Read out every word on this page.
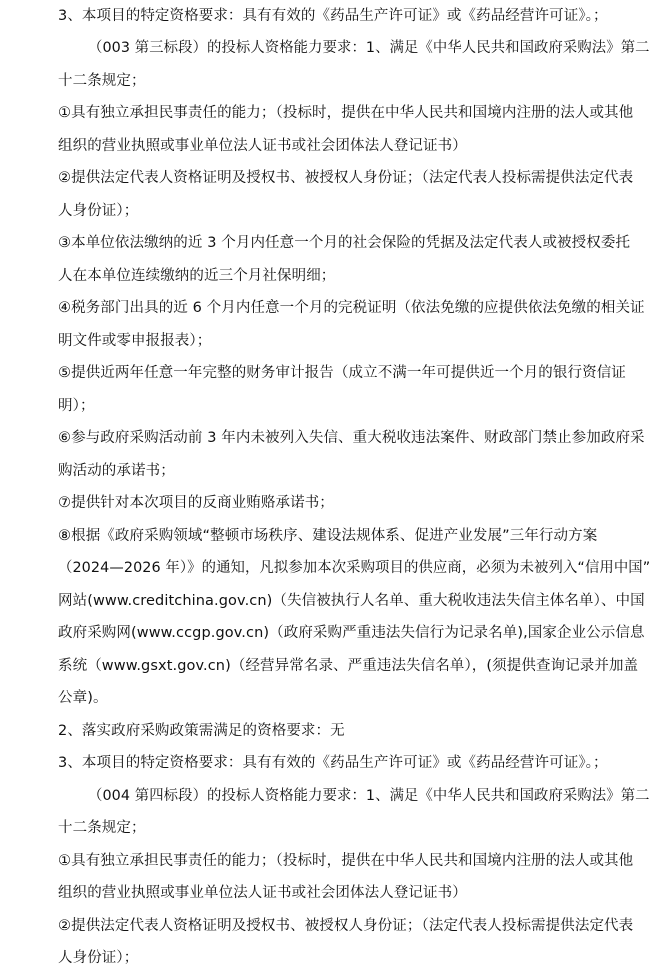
3、本项目的特定资格要求：具有有效的《药品生产许可证》或《药品经营许可证》。；
（003 第三标段）的投标人资格能力要求：1、满足《中华人民共和国政府采购法》第二
十二条规定；
①具有独立承担民事责任的能力；（投标时，提供在中华人民共和国境内注册的法人或其他
组织的营业执照或事业单位法人证书或社会团体法人登记证书）
②提供法定代表人资格证明及授权书、被授权人身份证；（法定代表人投标需提供法定代表
人身份证）；
③本单位依法缴纳的近 3 个月内任意一个月的社会保险的凭据及法定代表人或被授权委托
人在本单位连续缴纳的近三个月社保明细；
④税务部门出具的近 6 个月内任意一个月的完税证明（依法免缴的应提供依法免缴的相关证
明文件或零申报报表）；
⑤提供近两年任意一年完整的财务审计报告（成立不满一年可提供近一个月的银行资信证
明）；
⑥参与政府采购活动前 3 年内未被列入失信、重大税收违法案件、财政部门禁止参加政府采
购活动的承诺书；
⑦提供针对本次项目的反商业贿赂承诺书；
⑧根据《政府采购领域“整顿市场秩序、建设法规体系、促进产业发展”三年行动方案
（2024—2026 年）》的通知，凡拟参加本次采购项目的供应商，必须为未被列入“信用中国”
网站(www.creditchina.gov.cn)（失信被执行人名单、重大税收违法失信主体名单）、中国
政府采购网(www.ccgp.gov.cn)（政府采购严重违法失信行为记录名单),国家企业公示信息
系统（www.gsxt.gov.cn)（经营异常名录、严重违法失信名单），(须提供查询记录并加盖
公章)。
2、落实政府采购政策需满足的资格要求：无
3、本项目的特定资格要求：具有有效的《药品生产许可证》或《药品经营许可证》。；
（004 第四标段）的投标人资格能力要求：1、满足《中华人民共和国政府采购法》第二
十二条规定；
①具有独立承担民事责任的能力；（投标时，提供在中华人民共和国境内注册的法人或其他
组织的营业执照或事业单位法人证书或社会团体法人登记证书）
②提供法定代表人资格证明及授权书、被授权人身份证；（法定代表人投标需提供法定代表
人身份证）；
